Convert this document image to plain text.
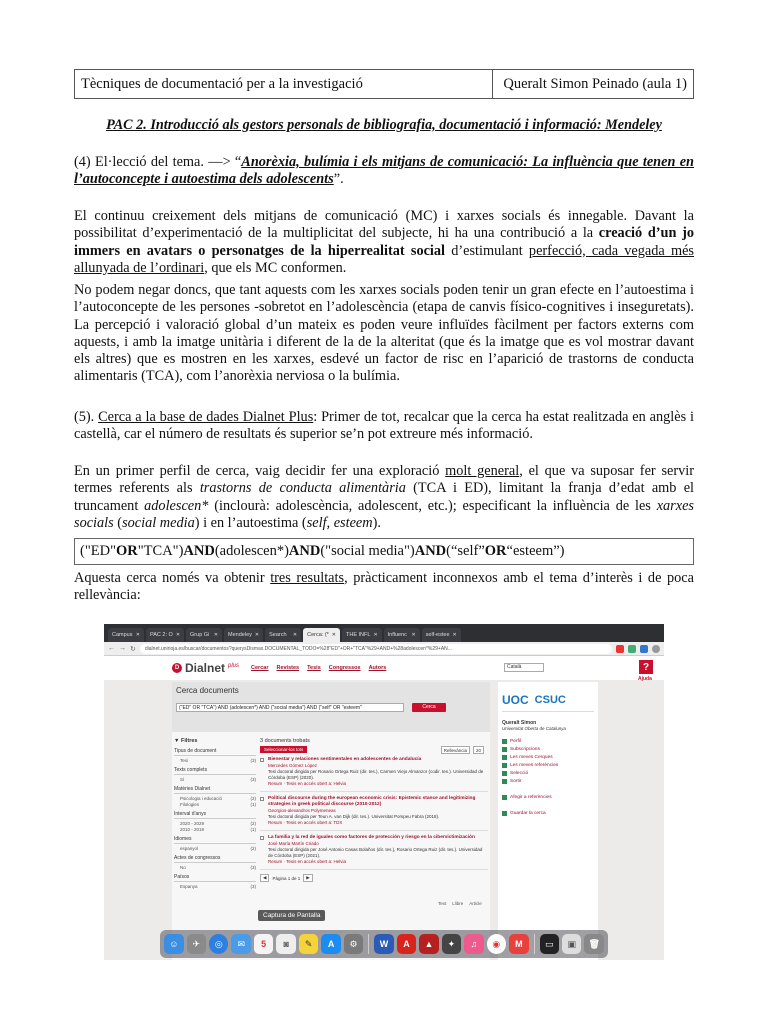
Tècniques de documentació per a la investigació	Queralt Simon Peinado (aula 1)
PAC 2. Introducció als gestors personals de bibliografia, documentació i informació: Mendeley
(4) El·lecció del tema. —> “Anorèxia, bulímia i els mitjans de comunicació: La influència que tenen en l’autoconcepte i autoestima dels adolescents”.
El continuu creixement dels mitjans de comunicació (MC) i xarxes socials és innegable. Davant la possibilitat d’experimentació de la multiplicitat del subjecte, hi ha una contribució a la creació d’un jo immers en avatars o personatges de la hiperrealitat social d’estimulant perfecció, cada vegada més allunyada de l’ordinari, que els MC conformen.
No podem negar doncs, que tant aquests com les xarxes socials poden tenir un gran efecte en l’autoestima i l’autoconcepte de les persones -sobretot en l’adolescència (etapa de canvis físico-cognitives i inseguretats). La percepció i valoració global d’un mateix es poden veure influïdes fàcilment per factors externs com aquests, i amb la imatge unitària i diferent de la de la alteritat (que és la imatge que es vol mostrar davant els altres) que es mostren en les xarxes, esdevé un factor de risc en l’aparició de trastorns de conducta alimentaris (TCA), com l’anorèxia nerviosa o la bulímia.
(5). Cerca a la base de dades Dialnet Plus: Primer de tot, recalcar que la cerca ha estat realitzada en anglès i castellà, car el número de resultats és superior se’n pot extreure més informació.
En un primer perfil de cerca, vaig decidir fer una exploració molt general, el que va suposar fer servir termes referents als trastorns de conducta alimentària (TCA i ED), limitant la franja d’edat amb el truncament adolescen* (inclourà: adolescència, adolescent, etc.); especificant la influència de les xarxes socials (social media) i en l’autoestima (self, esteem).
("ED" OR "TCA") AND (adolescen*) AND ("social media") AND (“self” OR “esteem”)
Aquesta cerca només va obtenir tres resultats, pràcticament inconnexos amb el tema d’interès i de poca rellevància:
Campus ✕ PAC 2: O ✕ Grup Gi ✕ Mendeley ✕ Search	✕ Cerca: (* ✕ THE INFL ✕ Influenc ✕ self-estee ✕
← → ↻	dialnet.unirioja.es/buscar/documentos?querysDismax.DOCUMENTAL_TODO=%28"ED"+OR+"TCA"%29+AND+%28adolescen*%29+AN...
D Dialnet plus Cercar Revistes Tesis Congressos Autors	Català	?
Ajuda
Cerca documents
("ED" OR "TCA") AND (adolescen*) AND ("social media") AND ("self" OR "esteem"	Cerca
▼ Filtres
Tipus de document
Tesi	(3)
Texts complets
Sí	(3)
Matèries Dialnet
Psicologia i educació	(2)
Filologies	(1)
Interval d'anys
2020 - 2029	(2)
2010 - 2019	(1)
Idiomes
espanyol	(2)
Actes de congressos
No	(3)
Països
Espanya	(3)
3 documents trobats
Seleccionar-los tots	Rellevància	20
Bienestar y relaciones sentimentales en adolescentes de andalucía
Mercedes Gómez López
Tesi doctoral dirigida per Rosario Ortega Ruiz (dir. tes.), Carmen Viejo Almanzor (codir. tes.). Universidad de Córdoba (ESP) (2020).
Resum · Tesis en accés obert a: Helvia
Political discourse during the european economic crisis: Epistemic stance and legitimizing strategies in greek political discourse (2010-2012)
Georgios-alexandros Polymeneas
Tesi doctoral dirigida per Teun A. van Dijk (dir. tes.). Universitat Pompeu Fabra (2018).
Resum · Tesis en accés obert a: TDX
La familia y la red de iguales como factores de protección y riesgo en la cibervictimización
José María Martín Criado
Tesi doctoral dirigida per José Antonio Casas Bolaños (dir. tes.), Rosario Ortega Ruiz (dir. tes.). Universidad de Córdoba (ESP) (2021).
Resum · Tesis en accés obert a: Helvia
◀	Pàgina 1 de 1	▶
UOC CSUC
Queralt Simon
Universitat Oberta de Catalunya
Perfil
Subscripcions
Les meves Cerques
Les meves referències
Selecció
Sortir
Afegir a referències
Guardar la cerca
Text Llibre Article
Captura de Pantalla
☺	✈	◎	✉	5	◙	✎	A	⚙	W	A	▲	✦	♫	◉	M	▭	▣	🗑
